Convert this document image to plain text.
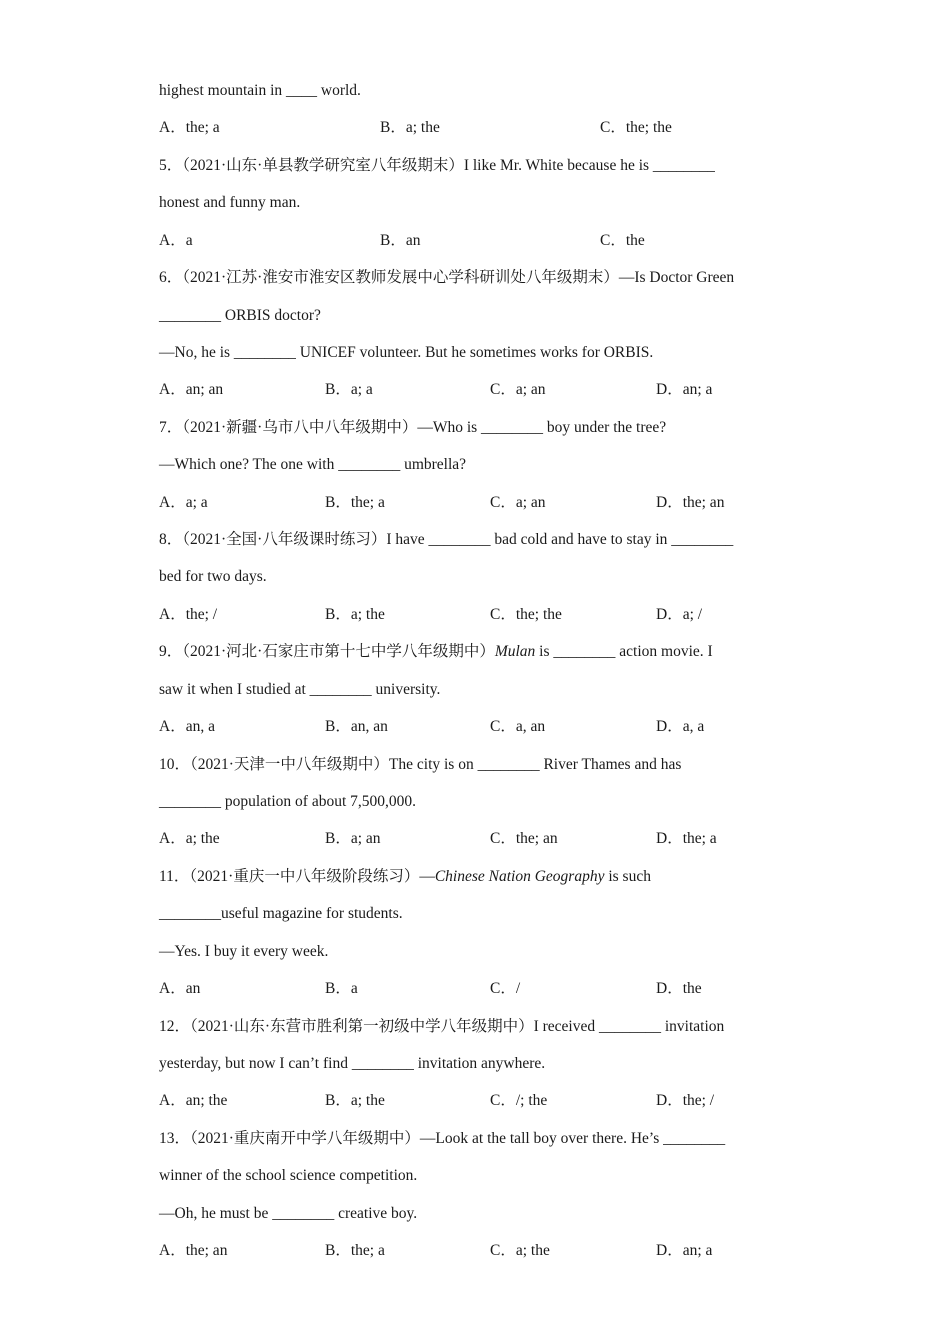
highest mountain in ____ world.
A．the; a	B．a; the	C．the; the
5．（2021·山东·单县教学研究室八年级期末）I like Mr. White because he is ________
honest and funny man.
A．a	B．an	C．the
6．（2021·江苏·淮安市淮安区教师发展中心学科研训处八年级期末）—Is Doctor Green
________ ORBIS doctor?
—No, he is ________ UNICEF volunteer. But he sometimes works for ORBIS.
A．an; an	B．a; a	C．a; an	D．an; a
7．（2021·新疆·乌市八中八年级期中）—Who is ________ boy under the tree?
—Which one? The one with ________ umbrella?
A．a; a	B．the; a	C．a; an	D．the; an
8．（2021·全国·八年级课时练习）I have ________ bad cold and have to stay in ________
bed for two days.
A．the; /	B．a; the	C．the; the	D．a; /
9．（2021·河北·石家庄市第十七中学八年级期中）Mulan is ________ action movie. I
saw it when I studied at ________ university.
A．an, a	B．an, an	C．a, an	D．a, a
10．（2021·天津一中八年级期中）The city is on ________ River Thames and has
________ population of about 7,500,000.
A．a; the	B．a; an	C．the; an	D．the; a
11．（2021·重庆一中八年级阶段练习）—Chinese Nation Geography is such
________useful magazine for students.
—Yes. I buy it every week.
A．an	B．a	C．/	D．the
12．（2021·山东·东营市胜利第一初级中学八年级期中）I received ________ invitation
yesterday, but now I can’t find ________ invitation anywhere.
A．an; the	B．a; the	C．/; the	D．the; /
13．（2021·重庆南开中学八年级期中）—Look at the tall boy over there. He’s ________
winner of the school science competition.
—Oh, he must be ________ creative boy.
A．the; an	B．the; a	C．a; the	D．an; a
